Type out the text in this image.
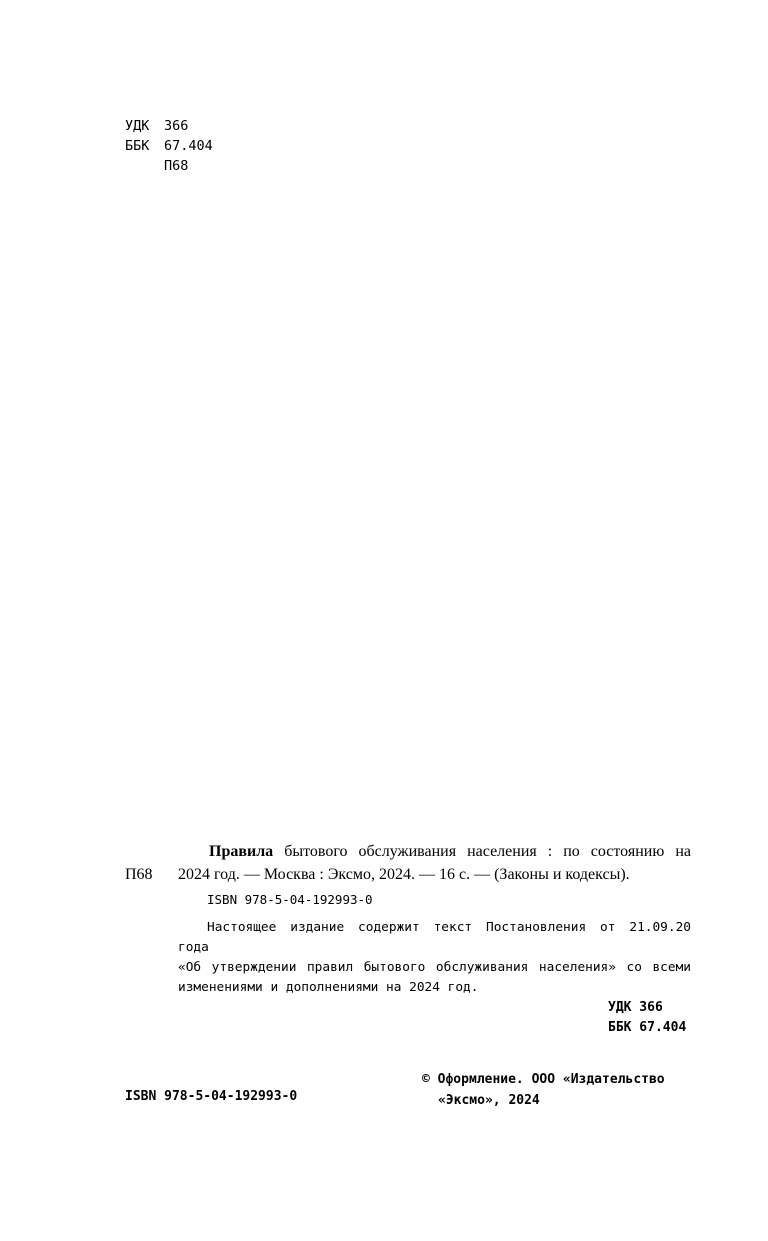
УДК	366
ББК	67.404
П68
Правила бытового обслуживания населения : по состоянию на
П68 2024 год. — Москва : Эксмо, 2024. — 16 с. — (Законы и кодексы).
ISBN 978-5-04-192993-0
Настоящее издание содержит текст Постановления от 21.09.20 года
«Об утверждении правил бытового обслуживания населения» со всеми
изменениями и дополнениями на 2024 год.
УДК 366
ББК 67.404
ISBN 978-5-04-192993-0
© Оформление. ООО «Издательство
«Эксмо», 2024
